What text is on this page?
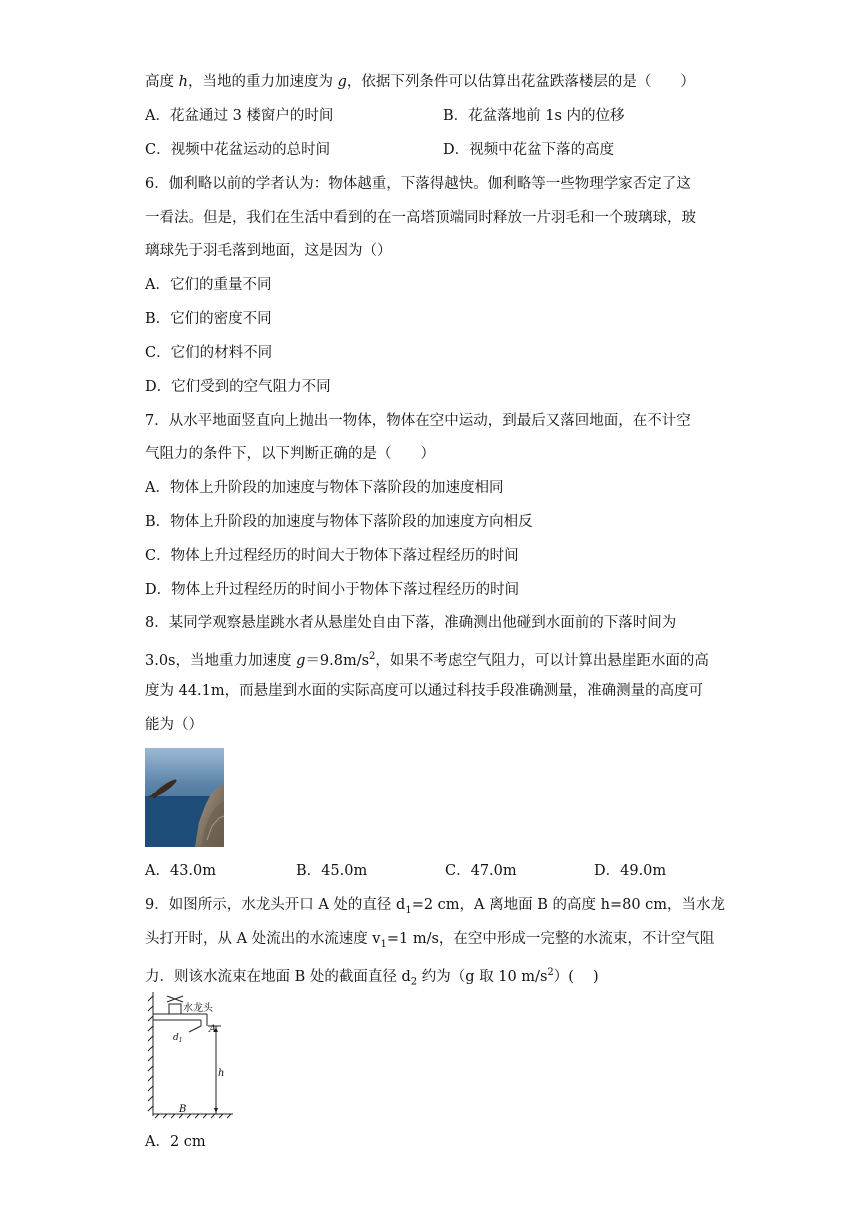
高度 h，当地的重力加速度为 g，依据下列条件可以估算出花盆跌落楼层的是（　　）
A．花盆通过 3 楼窗户的时间	B．花盆落地前 1s 内的位移
C．视频中花盆运动的总时间	D．视频中花盆下落的高度
6．伽利略以前的学者认为：物体越重，下落得越快。伽利略等一些物理学家否定了这
一看法。但是，我们在生活中看到的在一高塔顶端同时释放一片羽毛和一个玻璃球，玻
璃球先于羽毛落到地面，这是因为（）
A．它们的重量不同
B．它们的密度不同
C．它们的材料不同
D．它们受到的空气阻力不同
7．从水平地面竖直向上抛出一物体，物体在空中运动，到最后又落回地面，在不计空
气阻力的条件下，以下判断正确的是（　　）
A．物体上升阶段的加速度与物体下落阶段的加速度相同
B．物体上升阶段的加速度与物体下落阶段的加速度方向相反
C．物体上升过程经历的时间大于物体下落过程经历的时间
D．物体上升过程经历的时间小于物体下落过程经历的时间
8．某同学观察悬崖跳水者从悬崖处自由下落，准确测出他碰到水面前的下落时间为
3.0s，当地重力加速度 $g=9.8m/s^2$，如果不考虑空气阻力，可以计算出悬崖距水面的高
度为 44.1m，而悬崖到水面的实际高度可以通过科技手段准确测量，准确测量的高度可
能为（）
A．43.0m	B．45.0m	C．47.0m	D．49.0m
9．如图所示，水龙头开口 A 处的直径 $d_1=2$ cm，A 离地面 B 的高度 h=80 cm，当水龙
头打开时，从 A 处流出的水流速度 $v_1=1$ m/s，在空中形成一完整的水流束，不计空气阻
力．则该水流束在地面 B 处的截面直径 $d_2$ 约为（g 取 10 $m/s^2$）(　 )
水龙头
A
$d_1$
h
B
A．2 cm
